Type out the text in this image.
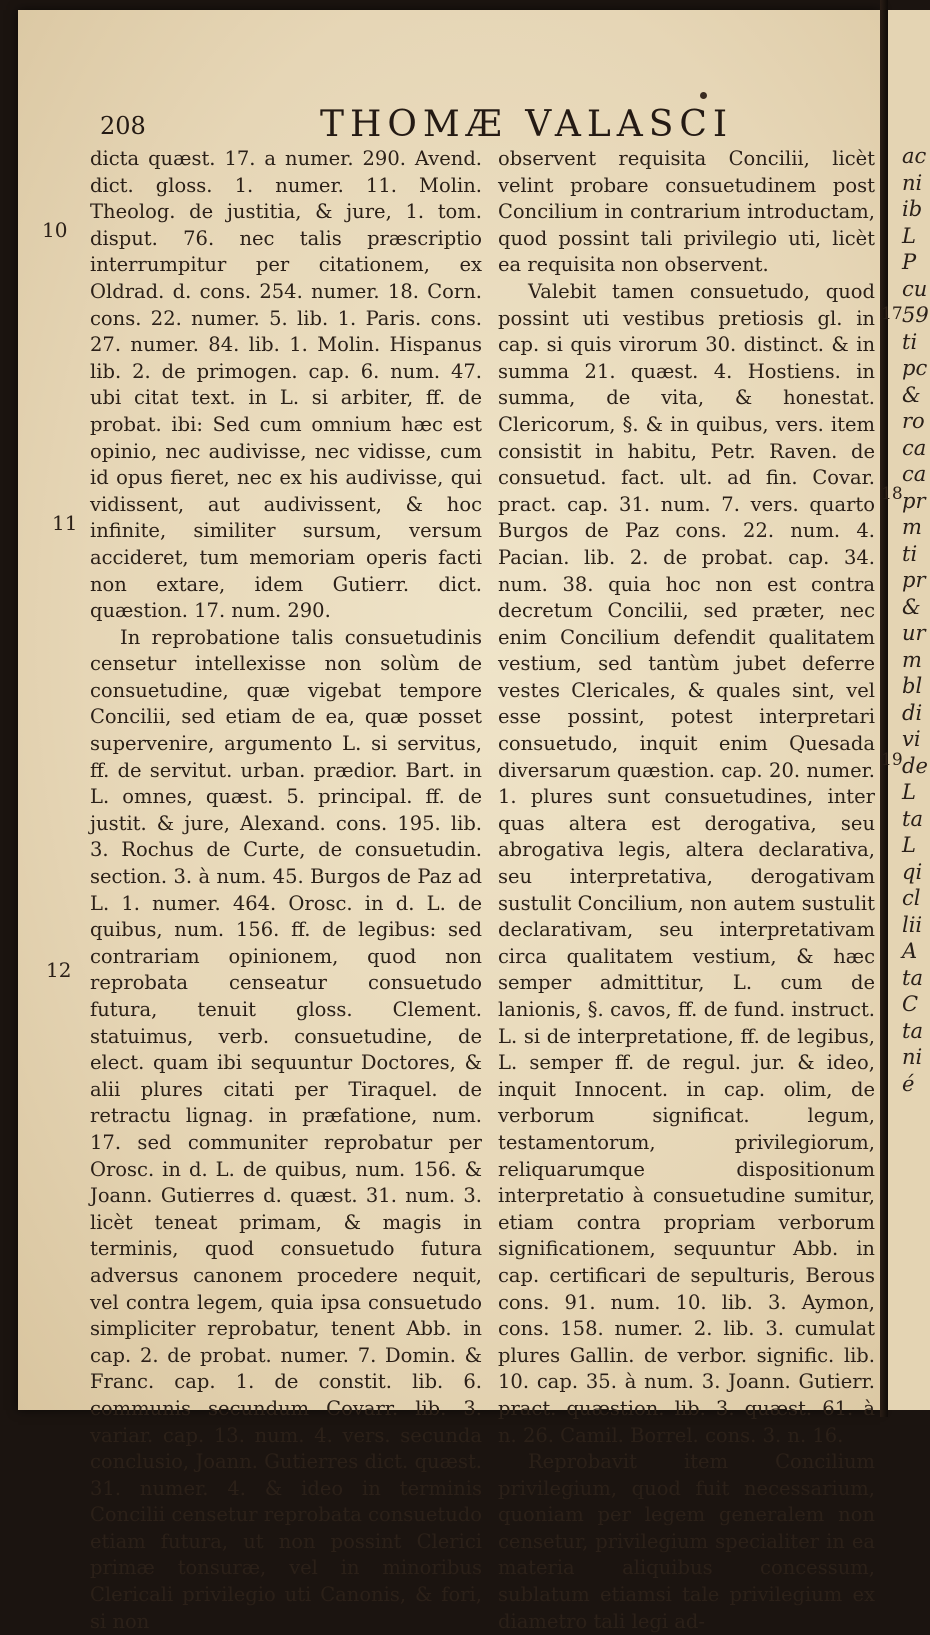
ac
ni
ib
L
P
cu
59
ti
pc
&
ro
ca
ca
pr
m
ti
pr
&
ur
m
bl
di
vi
de
L
ta
L
qi
cl
lii
A
ta
C
ta
ni
é
208	THOMÆ VALASCI

dicta quæst. 17. a numer. 290. Avend. dict. gloss. 1. numer. 11. Molin. Theolog. de justitia, & jure, 1. tom. disput. 76. nec talis præscriptio interrumpitur per citationem, ex Oldrad. d. cons. 254. numer. 18. Corn. cons. 22. numer. 5. lib. 1. Paris. cons. 27. numer. 84. lib. 1. Molin. Hispanus lib. 2. de primogen. cap. 6. num. 47. ubi citat text. in L. si arbiter, ff. de probat. ibi: Sed cum omnium hæc est opinio, nec audivisse, nec vidisse, cum id opus fieret, nec ex his audivisse, qui vidissent, aut audivissent, & hoc infinite, similiter sursum, versum accideret, tum memoriam operis facti non extare, idem Gutierr. dict. quæstion. 17. num. 290.

In reprobatione talis consuetudinis censetur intellexisse non solùm de consuetudine, quæ vigebat tempore Concilii, sed etiam de ea, quæ posset supervenire, argumento L. si servitus, ff. de servitut. urban. prædior. Bart. in L. omnes, quæst. 5. principal. ff. de justit. & jure, Alexand. cons. 195. lib. 3. Rochus de Curte, de consuetudin. section. 3. à num. 45. Burgos de Paz ad L. 1. numer. 464. Orosc. in d. L. de quibus, num. 156. ff. de legibus: sed contrariam opinionem, quod non reprobata censeatur consuetudo futura, tenuit gloss. Clement. statuimus, verb. consuetudine, de elect. quam ibi sequuntur Doctores, & alii plures citati per Tiraquel. de retractu lignag. in præfatione, num. 17. sed communiter reprobatur per Orosc. in d. L. de quibus, num. 156. & Joann. Gutierres d. quæst. 31. num. 3. licèt teneat primam, & magis in terminis, quod consuetudo futura adversus canonem procedere nequit, vel contra legem, quia ipsa consuetudo simpliciter reprobatur, tenent Abb. in cap. 2. de probat. numer. 7. Domin. & Franc. cap. 1. de constit. lib. 6. communis secundum Covarr. lib. 3. variar. cap. 13. num. 4. vers. secunda conclusio, Joann. Gutierres dict. quæst. 31. numer. 4. & ideo in terminis Concilii censetur reprobata consuetudo etiam futura, ut non possint Clerici primæ tonsuræ, vel in minoribus Clericali privilegio uti Canonis, & fori, si non

10
11
12

observent requisita Concilii, licèt velint probare consuetudinem post Concilium in contrarium introductam, quod possint tali privilegio uti, licèt ea requisita non observent.

Valebit tamen consuetudo, quod possint uti vestibus pretiosis gl. in cap. si quis virorum 30. distinct. & in summa 21. quæst. 4. Hostiens. in summa, de vita, & honestat. Clericorum, §. & in quibus, vers. item consistit in habitu, Petr. Raven. de consuetud. fact. ult. ad fin. Covar. pract. cap. 31. num. 7. vers. quarto Burgos de Paz cons. 22. num. 4. Pacian. lib. 2. de probat. cap. 34. num. 38. quia hoc non est contra decretum Concilii, sed præter, nec enim Concilium defendit qualitatem vestium, sed tantùm jubet deferre vestes Clericales, & quales sint, vel esse possint, potest interpretari consuetudo, inquit enim Quesada diversarum quæstion. cap. 20. numer. 1. plures sunt consuetudines, inter quas altera est derogativa, seu abrogativa legis, altera declarativa, seu interpretativa, derogativam sustulit Concilium, non autem sustulit declarativam, seu interpretativam circa qualitatem vestium, & hæc semper admittitur, L. cum de lanionis, §. cavos, ff. de fund. instruct. L. si de interpretatione, ff. de legibus, L. semper ff. de regul. jur. & ideo, inquit Innocent. in cap. olim, de verborum significat. legum, testamentorum, privilegiorum, reliquarumque dispositionum interpretatio à consuetudine sumitur, etiam contra propriam verborum significationem, sequuntur Abb. in cap. certificari de sepulturis, Berous cons. 91. num. 10. lib. 3. Aymon, cons. 158. numer. 2. lib. 3. cumulat plures Gallin. de verbor. signific. lib. 10. cap. 35. à num. 3. Joann. Gutierr. pract. quæstion. lib. 3. quæst. 61. à n. 26. Camil. Borrel. cons. 3. n. 16.

Reprobavit item Concilium privilegium, quod fuit necessarium, quoniam per legem generalem non censetur, privilegium specialiter in ea materia aliquibus concessum, sublatum etiamsi tale privilegium ex diametro tali legi ad-

17
18
19
